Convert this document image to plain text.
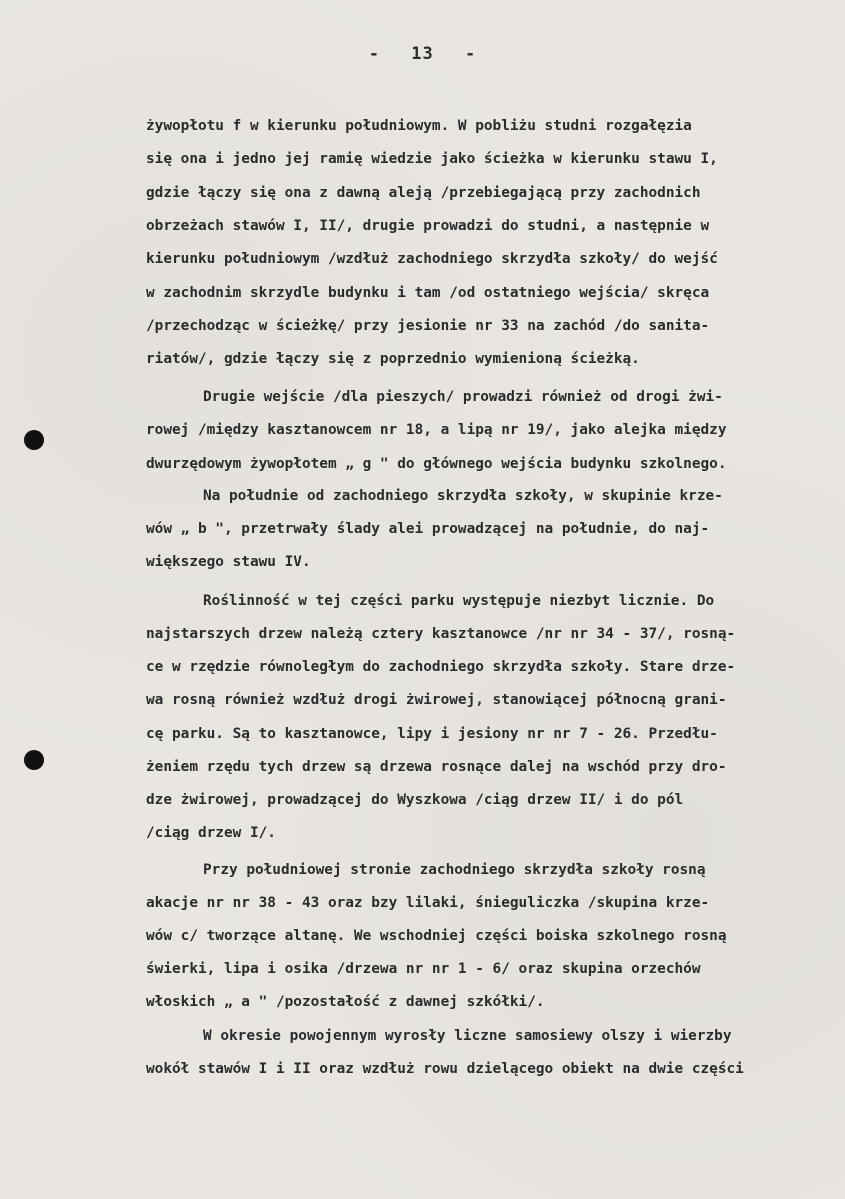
- 13 -
żywopłotu f w kierunku południowym. W pobliżu studni rozgałęzia
się ona i jedno jej ramię wiedzie jako ścieżka w kierunku stawu I,
gdzie łączy się ona z dawną aleją /przebiegającą przy zachodnich
obrzeżach stawów I, II/, drugie prowadzi do studni, a następnie w
kierunku południowym /wzdłuż zachodniego skrzydła szkoły/ do wejść
w zachodnim skrzydle budynku i tam /od ostatniego wejścia/ skręca
/przechodząc w ścieżkę/ przy jesionie nr 33 na zachód /do sanita-
riatów/, gdzie łączy się z poprzednio wymienioną ścieżką.
Drugie wejście /dla pieszych/ prowadzi również od drogi żwi-
rowej /między kasztanowcem nr 18, a lipą nr 19/, jako alejka między
dwurzędowym żywopłotem „ g " do głównego wejścia budynku szkolnego.
Na południe od zachodniego skrzydła szkoły, w skupinie krze-
wów „ b ", przetrwały ślady alei prowadzącej na południe, do naj-
większego stawu IV.
Roślinność w tej części parku występuje niezbyt licznie. Do
najstarszych drzew należą cztery kasztanowce /nr nr 34 - 37/, rosną-
ce w rzędzie równoległym do zachodniego skrzydła szkoły. Stare drze-
wa rosną również wzdłuż drogi żwirowej, stanowiącej północną grani-
cę parku. Są to kasztanowce, lipy i jesiony nr nr 7 - 26. Przedłu-
żeniem rzędu tych drzew są drzewa rosnące dalej na wschód przy dro-
dze żwirowej, prowadzącej do Wyszkowa /ciąg drzew II/ i do pól
/ciąg drzew I/.
Przy południowej stronie zachodniego skrzydła szkoły rosną
akacje nr nr 38 - 43 oraz bzy lilaki, śnieguliczka /skupina krze-
wów c/ tworzące altanę. We wschodniej części boiska szkolnego rosną
świerki, lipa i osika /drzewa nr nr 1 - 6/ oraz skupina orzechów
włoskich „ a " /pozostałość z dawnej szkółki/.
W okresie powojennym wyrosły liczne samosiewy olszy i wierzby
wokół stawów I i II oraz wzdłuż rowu dzielącego obiekt na dwie części
